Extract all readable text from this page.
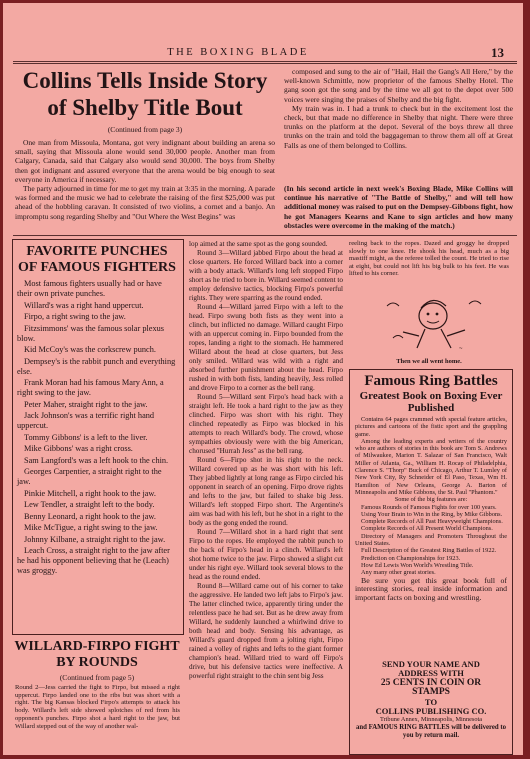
THE BOXING BLADE	13
Collins Tells Inside Story of Shelby Title Bout
(Continued from page 3)

One man from Missoula, Montana, got very indignant about building an arena so small, saying that Missoula alone would send 30,000 people. Another man from Calgary, Canada, said that Calgary also would send 30,000. The boys from Shelby then got indignant and assured everyone that the arena would be big enough to seat everyone in America if necessary.

The party adjourned in time for me to get my train at 3:35 in the morning. A parade was formed and the music we had to celebrate the raising of the first $25,000 was put ahead of the hobbling caravan. It consisted of two violins, a cornet and a banjo. An impromptu song regarding Shelby and "Out Where the West Begins" was

composed and sung to the air of "Hail, Hail the Gang's All Here," by the well-known Schmittle, now proprietor of the famous Shelby Hotel. The gang soon got the song and by the time we all got to the depot over 500 voices were singing the praises of Shelby and the big fight.

My train was in. I had a trunk to check but in the excitement lost the check, but that made no difference in Shelby that night. There were three trunks on the platform at the depot. Several of the boys threw all three trunks on the train and told the baggageman to throw them all off at Great Falls as one of them belonged to Collins.

(In his second article in next week's Boxing Blade, Mike Collins will continue his narrative of "The Battle of Shelby," and will tell how additional money was raised to put on the Dempsey-Gibbons fight, how he got Managers Kearns and Kane to sign articles and how many obstacles were overcome in the making of the match.)
FAVORITE PUNCHES OF FAMOUS FIGHTERS

Most famous fighters usually had or have their own private punches.

Willard's was a right hand uppercut.

Firpo, a right swing to the jaw.

Fitzsimmons' was the famous solar plexus blow.

Kid McCoy's was the corkscrew punch.

Dempsey's is the rabbit punch and everything else.

Frank Moran had his famous Mary Ann, a right swing to the jaw.

Peter Maher, straight right to the jaw.

Jack Johnson's was a terrific right hand uppercut.

Tommy Gibbons' is a left to the liver.

Mike Gibbons' was a right cross.

Sam Langford's was a left hook to the chin.

Georges Carpentier, a straight right to the jaw.

Pinkie Mitchell, a right hook to the jaw.

Lew Tendler, a straight left to the body.

Benny Leonard, a right hook to the jaw.

Mike McTigue, a right swing to the jaw.

Johnny Kilbane, a straight right to the jaw.

Leach Cross, a straight right to the jaw after he had his opponent believing that he (Leach) was groggy.

WILLARD-FIRPO FIGHT BY ROUNDS
(Continued from page 5)
Round 2—Jess carried the fight to Firpo, but missed a right uppercut. Firpo landed one to the ribs but was short with a right. The big Kansas blocked Firpo's attempts to attack his body. Willard's left side showed splotches of red from his opponent's punches. Firpo shot a hard right to the jaw, but Willard stepped out of the way of another wal-

lop aimed at the same spot as the gong sounded.

Round 3—Willard jabbed Firpo about the head at close quarters. He forced Willard back into a corner with a body attack. Willard's long left stopped Firpo short as he tried to bore in. Willard seemed content to employ defensive tactics, blocking Firpo's powerful rights. They were sparring as the round ended.

Round 4—Willard jarred Firpo with a left to the head. Firpo swung both fists as they went into a clinch, but inflicted no damage. Willard caught Firpo with an uppercut coming in. Firpo bounded from the ropes, landing a right to the stomach. He hammered Willard about the head at close quarters, but Jess only smiled. Willard was wild with a right and absorbed further punishment about the head. Firpo rushed in with both fists, landing heavily, Jess rolled and drove Firpo to a corner as the bell rang.

Round 5—Willard sent Firpo's head back with a straight left. He took a hard right to the jaw as they clinched. Firpo was short with his right. They clinched repeatedly as Firpo was blocked in his attempts to reach Willard's body. The crowd, whose sympathies obviously were with the big American, chorused "Hurrah Jess" as the bell rang.

Round 6—Firpo shot in his right to the neck. Willard covered up as he was short with his left. They jabbed lightly at long range as Firpo circled his opponent in search of an opening. Firpo drove rights and lefts to the jaw, but failed to shake big Jess. Willard's left stopped Firpo short. The Argentine's aim was bad with his left, but he shot in a right to the body as the gong ended the round.

Round 7—Willard shot in a hard right that sent Firpo to the ropes. He employed the rabbit punch to the back of Firpo's head in a clinch. Willard's left shot home twice to the jaw. Firpo showed a slight cut under his right eye. Willard took several blows to the head as the round ended.

Round 8—Willard came out of his corner to take the aggressive. He landed two left jabs to Firpo's jaw. The latter clinched twice, apparently tiring under the relentless pace he had set. But as he drew away from Willard, he suddenly launched a whirlwind drive to both head and body. Sensing his advantage, as Willard's guard dropped from a jolting right, Firpo rained a volley of rights and lefts to the giant former champion's head. Willard tried to ward off Firpo's drive, but his defensive tactics were ineffective. A powerful right straight to the chin sent big Jess

reeling back to the ropes. Dazed and groggy he dropped slowly to one knee. He shook his head, much as a big mastiff might, as the referee tolled the count. He tried to rise at eight, but could not lift his big bulk to his feet. He was lifted to his corner.
~
Then we all went home.
Famous Ring Battles
Greatest Book on Boxing Ever Published

Contains 64 pages crammed with special feature articles, pictures and cartoons of the fistic sport and the grappling game.

Among the leading experts and writers of the country who are authors of stories in this book are Tom S. Andrews of Milwaukee, Marion T. Salazar of San Francisco, Walt Miller of Atlanta, Ga., William H. Rocap of Philadelphia, Clarence S. "Thorp" Buck of Chicago, Arthur T. Lumley of New York City, Ry Schneider of El Paso, Texas, Wm H. Hamilton of New Orleans, George A. Barton of Minneapolis and Mike Gibbons, the St. Paul "Phantom."

Some of the big features are:

Famous Rounds of Famous Fights for over 100 years.

Using Your Brain to Win in the Ring, by Mike Gibbons.

Complete Records of All Past Heavyweight Champions.

Complete Records of All Present World Champions.

Directory of Managers and Promoters Throughout the United States.

Full Description of the Greatest Ring Battles of 1922.

Prediction on Championships for 1923.

How Ed Lewis Won World's Wrestling Title.

Any many other great stories.

Be sure you get this great book full of interesting stories, real inside information and important facts on boxing and wrestling.

SEND YOUR NAME AND
ADDRESS WITH
25 CENTS IN COIN OR
STAMPS
TO
COLLINS PUBLISHING CO.
Tribune Annex, Minneapolis, Minnesota
and FAMOUS RING BATTLES will be delivered to you by return mail.
